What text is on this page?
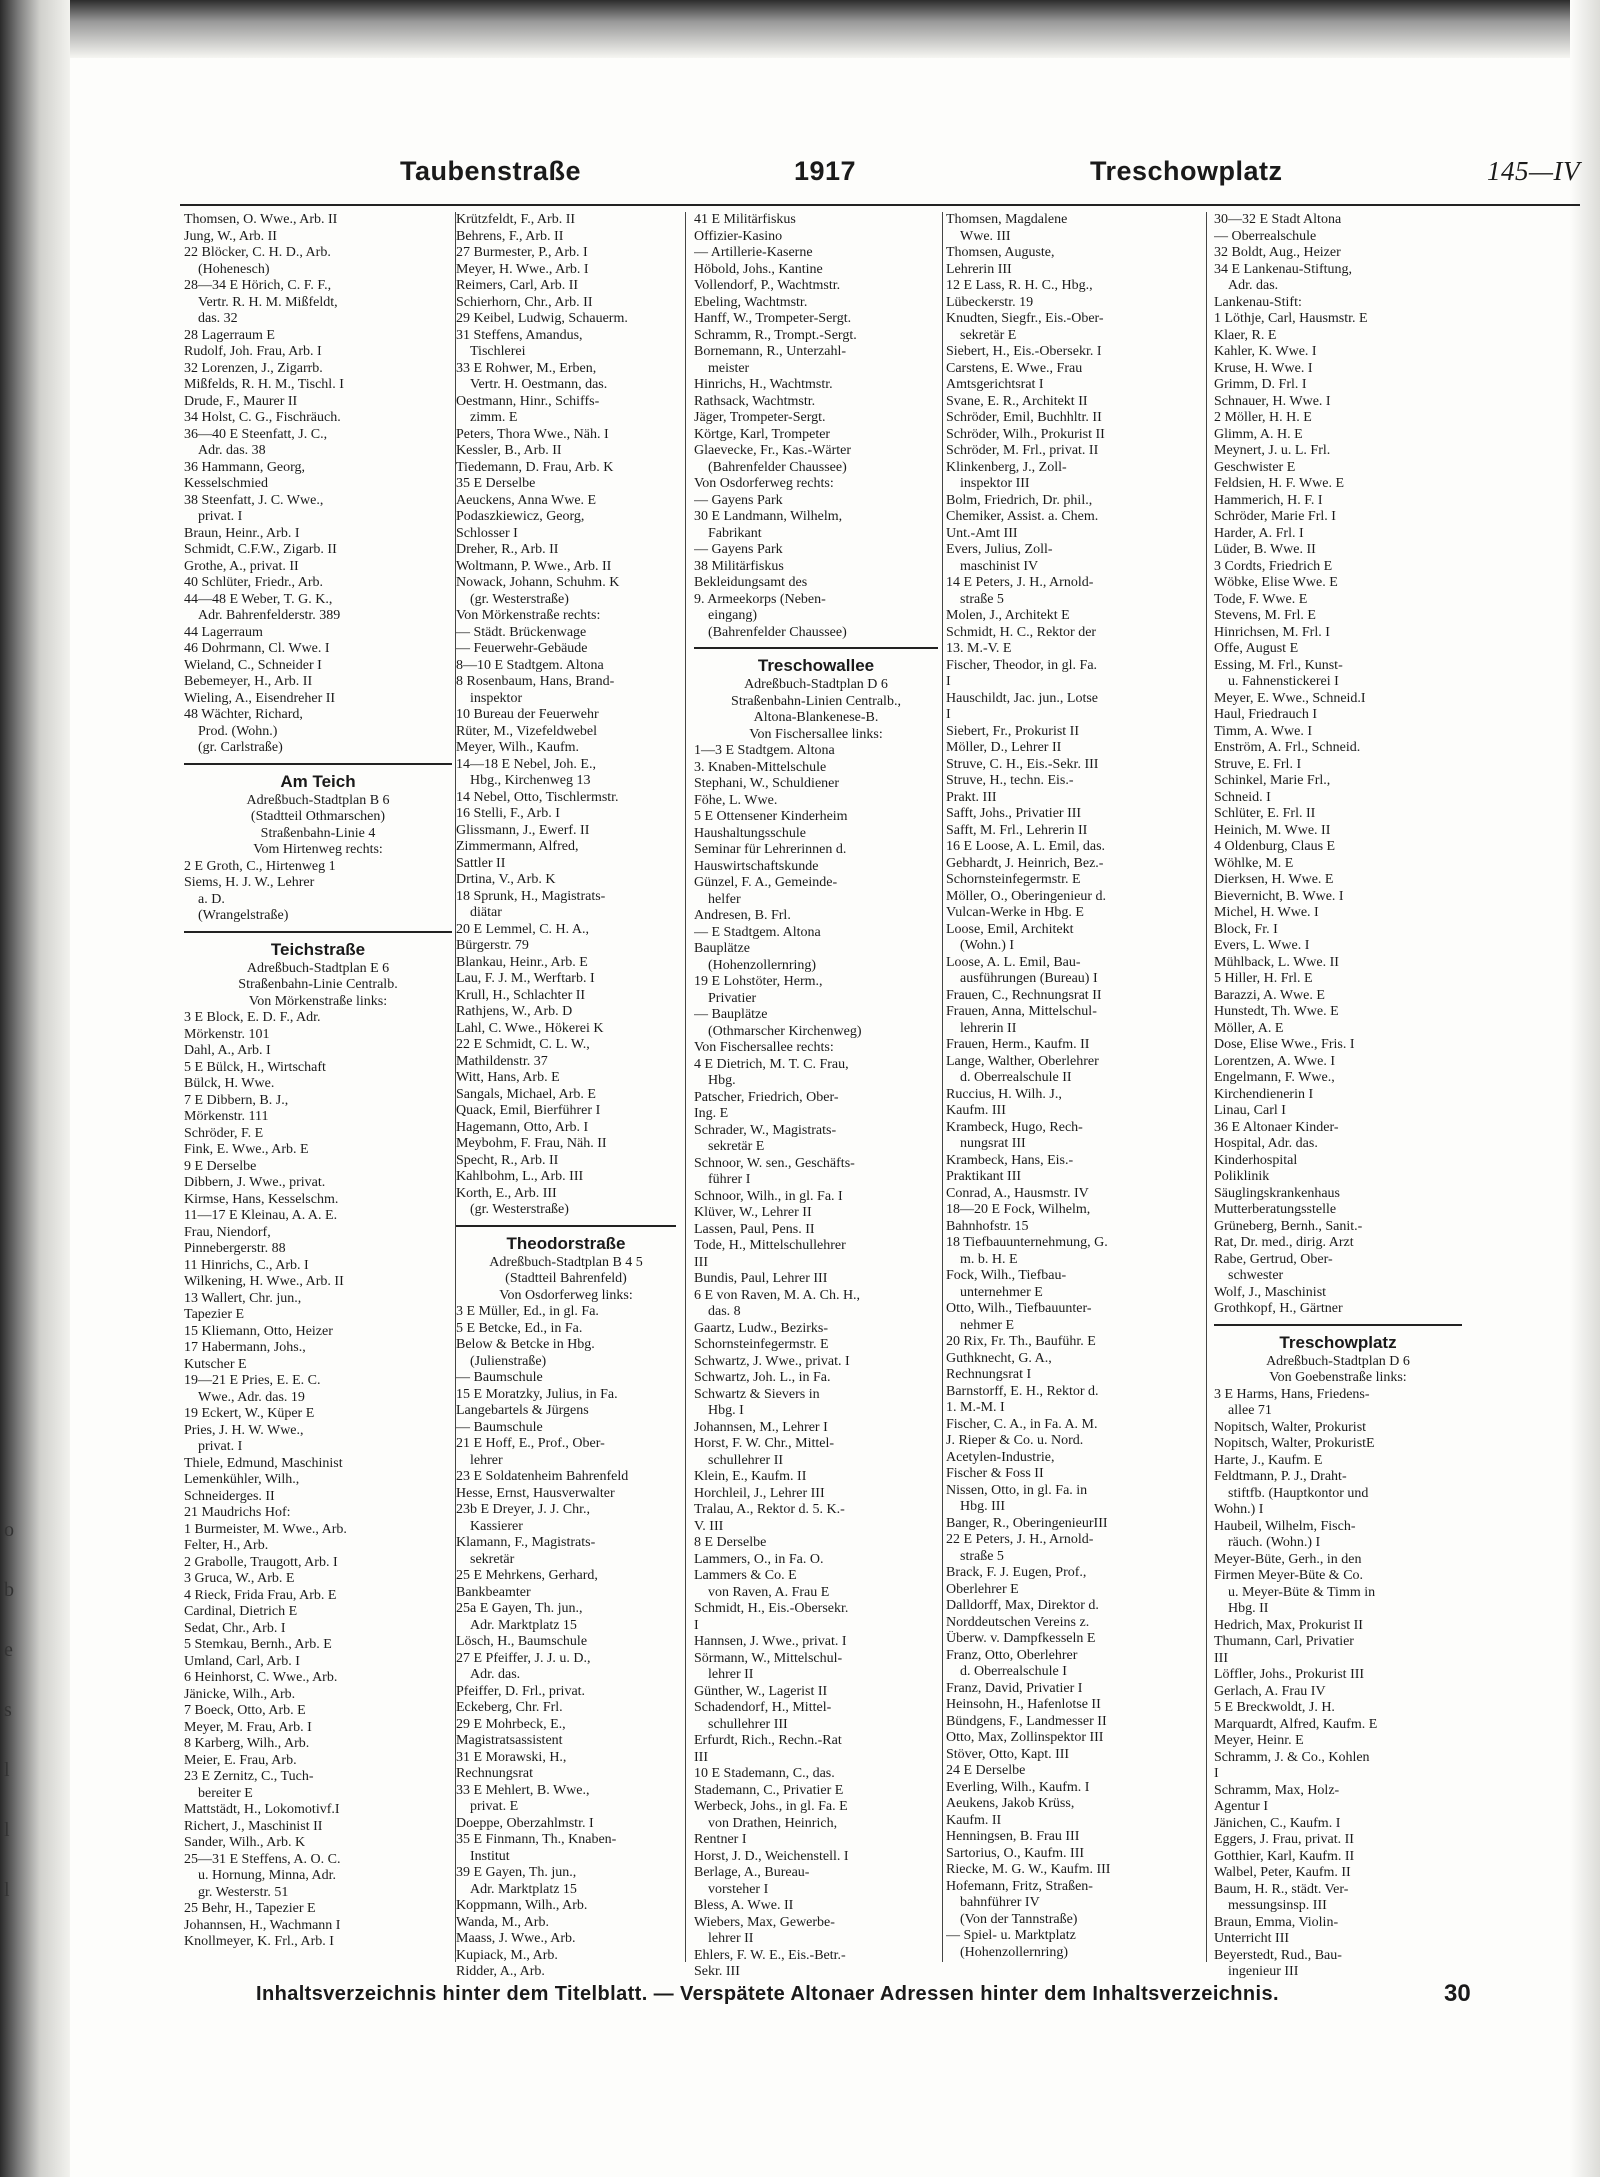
o
b
e
s
l
l
l
Taubenstraße	1917	Treschowplatz	145—IV
Thomsen, O. Wwe., Arb. II
Jung, W., Arb. II
22 Blöcker, C. H. D., Arb.
(Hohenesch)
28—34 E Hörich, C. F. F.,
Vertr. R. H. M. Mißfeldt,
das. 32
28 Lagerraum E
Rudolf, Joh. Frau, Arb. I
32 Lorenzen, J., Zigarrb.
Mißfelds, R. H. M., Tischl. I
Drude, F., Maurer II
34 Holst, C. G., Fischräuch.
36—40 E Steenfatt, J. C.,
Adr. das. 38
36 Hammann, Georg,
Kesselschmied
38 Steenfatt, J. C. Wwe.,
privat. I
Braun, Heinr., Arb. I
Schmidt, C.F.W., Zigarb. II
Grothe, A., privat. II
40 Schlüter, Friedr., Arb.
44—48 E Weber, T. G. K.,
Adr. Bahrenfelderstr. 389
44 Lagerraum
46 Dohrmann, Cl. Wwe. I
Wieland, C., Schneider I
Bebemeyer, H., Arb. II
Wieling, A., Eisendreher II
48 Wächter, Richard,
Prod. (Wohn.)
(gr. Carlstraße)
Am Teich
Adreßbuch-Stadtplan B 6
(Stadtteil Othmarschen)
Straßenbahn-Linie 4
Vom Hirtenweg rechts:
2 E Groth, C., Hirtenweg 1
Siems, H. J. W., Lehrer
a. D.
(Wrangelstraße)
Teichstraße
Adreßbuch-Stadtplan E 6
Straßenbahn-Linie Centralb.
Von Mörkenstraße links:
3 E Block, E. D. F., Adr.
Mörkenstr. 101
Dahl, A., Arb. I
5 E Bülck, H., Wirtschaft
Bülck, H. Wwe.
7 E Dibbern, B. J.,
Mörkenstr. 111
Schröder, F. E
Fink, E. Wwe., Arb. E
9 E Derselbe
Dibbern, J. Wwe., privat.
Kirmse, Hans, Kesselschm.
11—17 E Kleinau, A. A. E.
Frau, Niendorf,
Pinnebergerstr. 88
11 Hinrichs, C., Arb. I
Wilkening, H. Wwe., Arb. II
13 Wallert, Chr. jun.,
Tapezier E
15 Kliemann, Otto, Heizer
17 Habermann, Johs.,
Kutscher E
19—21 E Pries, E. E. C.
Wwe., Adr. das. 19
19 Eckert, W., Küper E
Pries, J. H. W. Wwe.,
privat. I
Thiele, Edmund, Maschinist
Lemenkühler, Wilh.,
Schneiderges. II
21 Maudrichs Hof:
1 Burmeister, M. Wwe., Arb.
Felter, H., Arb.
2 Grabolle, Traugott, Arb. I
3 Gruca, W., Arb. E
4 Rieck, Frida Frau, Arb. E
Cardinal, Dietrich E
Sedat, Chr., Arb. I
5 Stemkau, Bernh., Arb. E
Umland, Carl, Arb. I
6 Heinhorst, C. Wwe., Arb.
Jänicke, Wilh., Arb.
7 Boeck, Otto, Arb. E
Meyer, M. Frau, Arb. I
8 Karberg, Wilh., Arb.
Meier, E. Frau, Arb.
23 E Zernitz, C., Tuch-
bereiter E
Mattstädt, H., Lokomotivf.I
Richert, J., Maschinist II
Sander, Wilh., Arb. K
25—31 E Steffens, A. O. C.
u. Hornung, Minna, Adr.
gr. Westerstr. 51
25 Behr, H., Tapezier E
Johannsen, H., Wachmann I
Knollmeyer, K. Frl., Arb. I
Krützfeldt, F., Arb. II
Behrens, F., Arb. II
27 Burmester, P., Arb. I
Meyer, H. Wwe., Arb. I
Reimers, Carl, Arb. II
Schierhorn, Chr., Arb. II
29 Keibel, Ludwig, Schauerm.
31 Steffens, Amandus,
Tischlerei
33 E Rohwer, M., Erben,
Vertr. H. Oestmann, das.
Oestmann, Hinr., Schiffs-
zimm. E
Peters, Thora Wwe., Näh. I
Kessler, B., Arb. II
Tiedemann, D. Frau, Arb. K
35 E Derselbe
Aeuckens, Anna Wwe. E
Podaszkiewicz, Georg,
Schlosser I
Dreher, R., Arb. II
Woltmann, P. Wwe., Arb. II
Nowack, Johann, Schuhm. K
(gr. Westerstraße)
Von Mörkenstraße rechts:
— Städt. Brückenwage
— Feuerwehr-Gebäude
8—10 E Stadtgem. Altona
8 Rosenbaum, Hans, Brand-
inspektor
10 Bureau der Feuerwehr
Rüter, M., Vizefeldwebel
Meyer, Wilh., Kaufm.
14—18 E Nebel, Joh. E.,
Hbg., Kirchenweg 13
14 Nebel, Otto, Tischlermstr.
16 Stelli, F., Arb. I
Glissmann, J., Ewerf. II
Zimmermann, Alfred,
Sattler II
Drtina, V., Arb. K
18 Sprunk, H., Magistrats-
diätar
20 E Lemmel, C. H. A.,
Bürgerstr. 79
Blankau, Heinr., Arb. E
Lau, F. J. M., Werftarb. I
Krull, H., Schlachter II
Rathjens, W., Arb. D
Lahl, C. Wwe., Hökerei K
22 E Schmidt, C. L. W.,
Mathildenstr. 37
Witt, Hans, Arb. E
Sangals, Michael, Arb. E
Quack, Emil, Bierführer I
Hagemann, Otto, Arb. I
Meybohm, F. Frau, Näh. II
Specht, R., Arb. II
Kahlbohm, L., Arb. III
Korth, E., Arb. III
(gr. Westerstraße)
Theodorstraße
Adreßbuch-Stadtplan B 4 5
(Stadtteil Bahrenfeld)
Von Osdorferweg links:
3 E Müller, Ed., in gl. Fa.
5 E Betcke, Ed., in Fa.
Below & Betcke in Hbg.
(Julienstraße)
— Baumschule
15 E Moratzky, Julius, in Fa.
Langebartels & Jürgens
— Baumschule
21 E Hoff, E., Prof., Ober-
lehrer
23 E Soldatenheim Bahrenfeld
Hesse, Ernst, Hausverwalter
23b E Dreyer, J. J. Chr.,
Kassierer
Klamann, F., Magistrats-
sekretär
25 E Mehrkens, Gerhard,
Bankbeamter
25a E Gayen, Th. jun.,
Adr. Marktplatz 15
Lösch, H., Baumschule
27 E Pfeiffer, J. J. u. D.,
Adr. das.
Pfeiffer, D. Frl., privat.
Eckeberg, Chr. Frl.
29 E Mohrbeck, E.,
Magistratsassistent
31 E Morawski, H.,
Rechnungsrat
33 E Mehlert, B. Wwe.,
privat. E
Doeppe, Oberzahlmstr. I
35 E Finmann, Th., Knaben-
Institut
39 E Gayen, Th. jun.,
Adr. Marktplatz 15
Koppmann, Wilh., Arb.
Wanda, M., Arb.
Maass, J. Wwe., Arb.
Kupiack, M., Arb.
Ridder, A., Arb.
41 E Militärfiskus
Offizier-Kasino
— Artillerie-Kaserne
Höbold, Johs., Kantine
Vollendorf, P., Wachtmstr.
Ebeling, Wachtmstr.
Hanff, W., Trompeter-Sergt.
Schramm, R., Trompt.-Sergt.
Bornemann, R., Unterzahl-
meister
Hinrichs, H., Wachtmstr.
Rathsack, Wachtmstr.
Jäger, Trompeter-Sergt.
Körtge, Karl, Trompeter
Glaevecke, Fr., Kas.-Wärter
(Bahrenfelder Chaussee)
Von Osdorferweg rechts:
— Gayens Park
30 E Landmann, Wilhelm,
Fabrikant
— Gayens Park
38 Militärfiskus
Bekleidungsamt des
9. Armeekorps (Neben-
eingang)
(Bahrenfelder Chaussee)
Treschowallee
Adreßbuch-Stadtplan D 6
Straßenbahn-Linien Centralb.,
Altona-Blankenese-B.
Von Fischersallee links:
1—3 E Stadtgem. Altona
3. Knaben-Mittelschule
Stephani, W., Schuldiener
Föhe, L. Wwe.
5 E Ottensener Kinderheim
Haushaltungsschule
Seminar für Lehrerinnen d.
Hauswirtschaftskunde
Günzel, F. A., Gemeinde-
helfer
Andresen, B. Frl.
— E Stadtgem. Altona
Bauplätze
(Hohenzollernring)
19 E Lohstöter, Herm.,
Privatier
— Bauplätze
(Othmarscher Kirchenweg)
Von Fischersallee rechts:
4 E Dietrich, M. T. C. Frau,
Hbg.
Patscher, Friedrich, Ober-
Ing. E
Schrader, W., Magistrats-
sekretär E
Schnoor, W. sen., Geschäfts-
führer I
Schnoor, Wilh., in gl. Fa. I
Klüver, W., Lehrer II
Lassen, Paul, Pens. II
Tode, H., Mittelschullehrer
III
Bundis, Paul, Lehrer III
6 E von Raven, M. A. Ch. H.,
das. 8
Gaartz, Ludw., Bezirks-
Schornsteinfegermstr. E
Schwartz, J. Wwe., privat. I
Schwartz, Joh. L., in Fa.
Schwartz & Sievers in
Hbg. I
Johannsen, M., Lehrer I
Horst, F. W. Chr., Mittel-
schullehrer II
Klein, E., Kaufm. II
Horchleil, J., Lehrer III
Tralau, A., Rektor d. 5. K.-
V. III
8 E Derselbe
Lammers, O., in Fa. O.
Lammers & Co. E
von Raven, A. Frau E
Schmidt, H., Eis.-Obersekr.
I
Hannsen, J. Wwe., privat. I
Sörmann, W., Mittelschul-
lehrer II
Günther, W., Lagerist II
Schadendorf, H., Mittel-
schullehrer III
Erfurdt, Rich., Rechn.-Rat
III
10 E Stademann, C., das.
Stademann, C., Privatier E
Werbeck, Johs., in gl. Fa. E
von Drathen, Heinrich,
Rentner I
Horst, J. D., Weichenstell. I
Berlage, A., Bureau-
vorsteher I
Bless, A. Wwe. II
Wiebers, Max, Gewerbe-
lehrer II
Ehlers, F. W. E., Eis.-Betr.-
Sekr. III
Thomsen, Magdalene
Wwe. III
Thomsen, Auguste,
Lehrerin III
12 E Lass, R. H. C., Hbg.,
Lübeckerstr. 19
Knudten, Siegfr., Eis.-Ober-
sekretär E
Siebert, H., Eis.-Obersekr. I
Carstens, E. Wwe., Frau
Amtsgerichtsrat I
Svane, E. R., Architekt II
Schröder, Emil, Buchhltr. II
Schröder, Wilh., Prokurist II
Schröder, M. Frl., privat. II
Klinkenberg, J., Zoll-
inspektor III
Bolm, Friedrich, Dr. phil.,
Chemiker, Assist. a. Chem.
Unt.-Amt III
Evers, Julius, Zoll-
maschinist IV
14 E Peters, J. H., Arnold-
straße 5
Molen, J., Architekt E
Schmidt, H. C., Rektor der
13. M.-V. E
Fischer, Theodor, in gl. Fa.
I
Hauschildt, Jac. jun., Lotse
I
Siebert, Fr., Prokurist II
Möller, D., Lehrer II
Struve, C. H., Eis.-Sekr. III
Struve, H., techn. Eis.-
Prakt. III
Safft, Johs., Privatier III
Safft, M. Frl., Lehrerin II
16 E Loose, A. L. Emil, das.
Gebhardt, J. Heinrich, Bez.-
Schornsteinfegermstr. E
Möller, O., Oberingenieur d.
Vulcan-Werke in Hbg. E
Loose, Emil, Architekt
(Wohn.) I
Loose, A. L. Emil, Bau-
ausführungen (Bureau) I
Frauen, C., Rechnungsrat II
Frauen, Anna, Mittelschul-
lehrerin II
Frauen, Herm., Kaufm. II
Lange, Walther, Oberlehrer
d. Oberrealschule II
Ruccius, H. Wilh. J.,
Kaufm. III
Krambeck, Hugo, Rech-
nungsrat III
Krambeck, Hans, Eis.-
Praktikant III
Conrad, A., Hausmstr. IV
18—20 E Fock, Wilhelm,
Bahnhofstr. 15
18 Tiefbauunternehmung, G.
m. b. H. E
Fock, Wilh., Tiefbau-
unternehmer E
Otto, Wilh., Tiefbauunter-
nehmer E
20 Rix, Fr. Th., Bauführ. E
Guthknecht, G. A.,
Rechnungsrat I
Barnstorff, E. H., Rektor d.
1. M.-M. I
Fischer, C. A., in Fa. A. M.
J. Rieper & Co. u. Nord.
Acetylen-Industrie,
Fischer & Foss II
Nissen, Otto, in gl. Fa. in
Hbg. III
Banger, R., OberingenieurIII
22 E Peters, J. H., Arnold-
straße 5
Brack, F. J. Eugen, Prof.,
Oberlehrer E
Dalldorff, Max, Direktor d.
Norddeutschen Vereins z.
Überw. v. Dampfkesseln E
Franz, Otto, Oberlehrer
d. Oberrealschule I
Franz, David, Privatier I
Heinsohn, H., Hafenlotse II
Bündgens, F., Landmesser II
Otto, Max, Zollinspektor III
Stöver, Otto, Kapt. III
24 E Derselbe
Everling, Wilh., Kaufm. I
Aeukens, Jakob Krüss,
Kaufm. II
Henningsen, B. Frau III
Sartorius, O., Kaufm. III
Riecke, M. G. W., Kaufm. III
Hofemann, Fritz, Straßen-
bahnführer IV
(Von der Tannstraße)
— Spiel- u. Marktplatz
(Hohenzollernring)
30—32 E Stadt Altona
— Oberrealschule
32 Boldt, Aug., Heizer
34 E Lankenau-Stiftung,
Adr. das.
Lankenau-Stift:
1 Löthje, Carl, Hausmstr. E
Klaer, R. E
Kahler, K. Wwe. I
Kruse, H. Wwe. I
Grimm, D. Frl. I
Schnauer, H. Wwe. I
2 Möller, H. H. E
Glimm, A. H. E
Meynert, J. u. L. Frl.
Geschwister E
Feldsien, H. F. Wwe. E
Hammerich, H. F. I
Schröder, Marie Frl. I
Harder, A. Frl. I
Lüder, B. Wwe. II
3 Cordts, Friedrich E
Wöbke, Elise Wwe. E
Tode, F. Wwe. E
Stevens, M. Frl. E
Hinrichsen, M. Frl. I
Offe, August E
Essing, M. Frl., Kunst-
u. Fahnenstickerei I
Meyer, E. Wwe., Schneid.I
Haul, Friedrauch I
Timm, A. Wwe. I
Enström, A. Frl., Schneid.
Struve, E. Frl. I
Schinkel, Marie Frl.,
Schneid. I
Schlüter, E. Frl. II
Heinich, M. Wwe. II
4 Oldenburg, Claus E
Wöhlke, M. E
Dierksen, H. Wwe. E
Bievernicht, B. Wwe. I
Michel, H. Wwe. I
Block, Fr. I
Evers, L. Wwe. I
Mühlback, L. Wwe. II
5 Hiller, H. Frl. E
Barazzi, A. Wwe. E
Hunstedt, Th. Wwe. E
Möller, A. E
Dose, Elise Wwe., Fris. I
Lorentzen, A. Wwe. I
Engelmann, F. Wwe.,
Kirchendienerin I
Linau, Carl I
36 E Altonaer Kinder-
Hospital, Adr. das.
Kinderhospital
Poliklinik
Säuglingskrankenhaus
Mutterberatungsstelle
Grüneberg, Bernh., Sanit.-
Rat, Dr. med., dirig. Arzt
Rabe, Gertrud, Ober-
schwester
Wolf, J., Maschinist
Grothkopf, H., Gärtner
Treschowplatz
Adreßbuch-Stadtplan D 6
Von Goebenstraße links:
3 E Harms, Hans, Friedens-
allee 71
Nopitsch, Walter, Prokurist
Nopitsch, Walter, ProkuristE
Harte, J., Kaufm. E
Feldtmann, P. J., Draht-
stiftfb. (Hauptkontor und
Wohn.) I
Haubeil, Wilhelm, Fisch-
räuch. (Wohn.) I
Meyer-Büte, Gerh., in den
Firmen Meyer-Büte & Co.
u. Meyer-Büte & Timm in
Hbg. II
Hedrich, Max, Prokurist II
Thumann, Carl, Privatier
III
Löffler, Johs., Prokurist III
Gerlach, A. Frau IV
5 E Breckwoldt, J. H.
Marquardt, Alfred, Kaufm. E
Meyer, Heinr. E
Schramm, J. & Co., Kohlen
I
Schramm, Max, Holz-
Agentur I
Jänichen, C., Kaufm. I
Eggers, J. Frau, privat. II
Gotthier, Karl, Kaufm. II
Walbel, Peter, Kaufm. II
Baum, H. R., städt. Ver-
messungsinsp. III
Braun, Emma, Violin-
Unterricht III
Beyerstedt, Rud., Bau-
ingenieur III
Inhaltsverzeichnis hinter dem Titelblatt. — Verspätete Altonaer Adressen hinter dem Inhaltsverzeichnis.	30
